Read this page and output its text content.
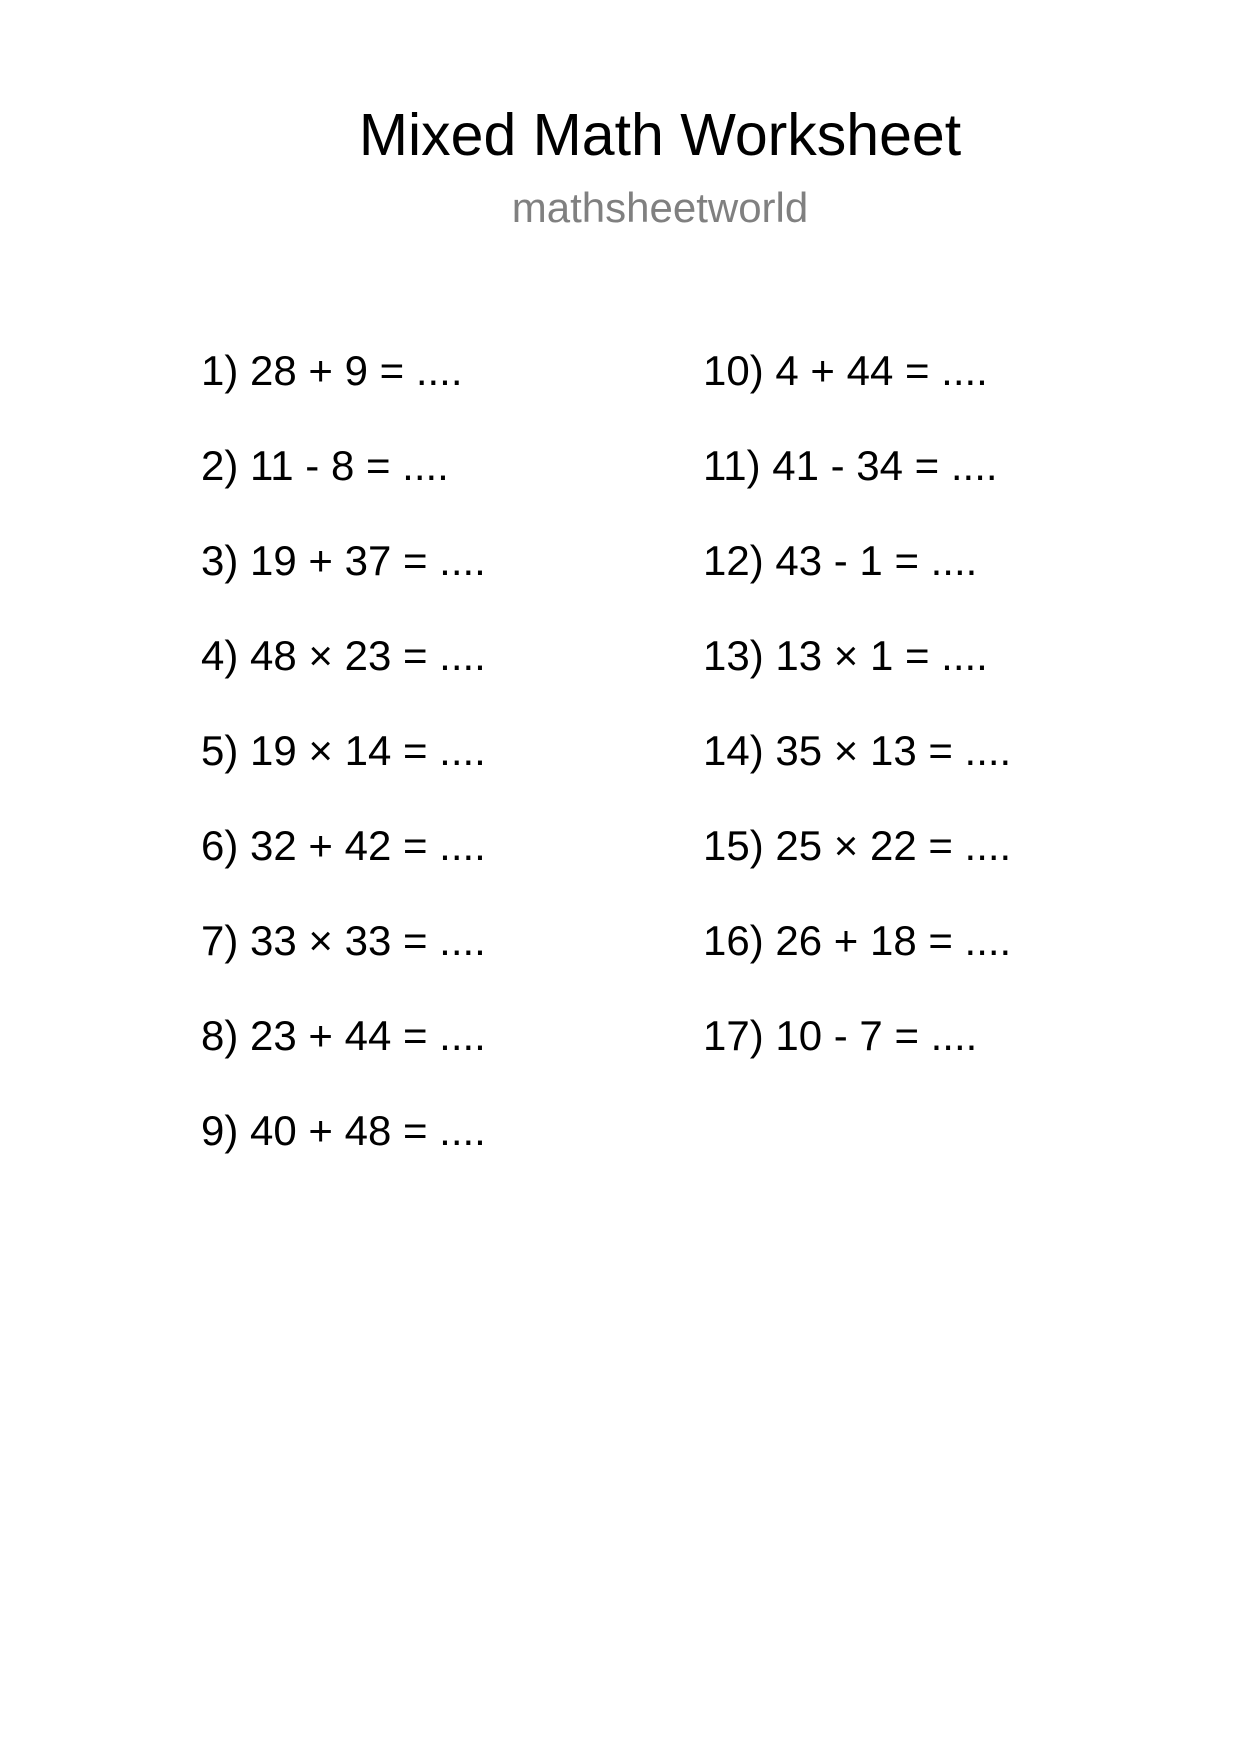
Mixed Math Worksheet
mathsheetworld
1) 28 + 9 = ....
2) 11 - 8 = ....
3) 19 + 37 = ....
4) 48 × 23 = ....
5) 19 × 14 = ....
6) 32 + 42 = ....
7) 33 × 33 = ....
8) 23 + 44 = ....
9) 40 + 48 = ....
10) 4 + 44 = ....
11) 41 - 34 = ....
12) 43 - 1 = ....
13) 13 × 1 = ....
14) 35 × 13 = ....
15) 25 × 22 = ....
16) 26 + 18 = ....
17) 10 - 7 = ....
